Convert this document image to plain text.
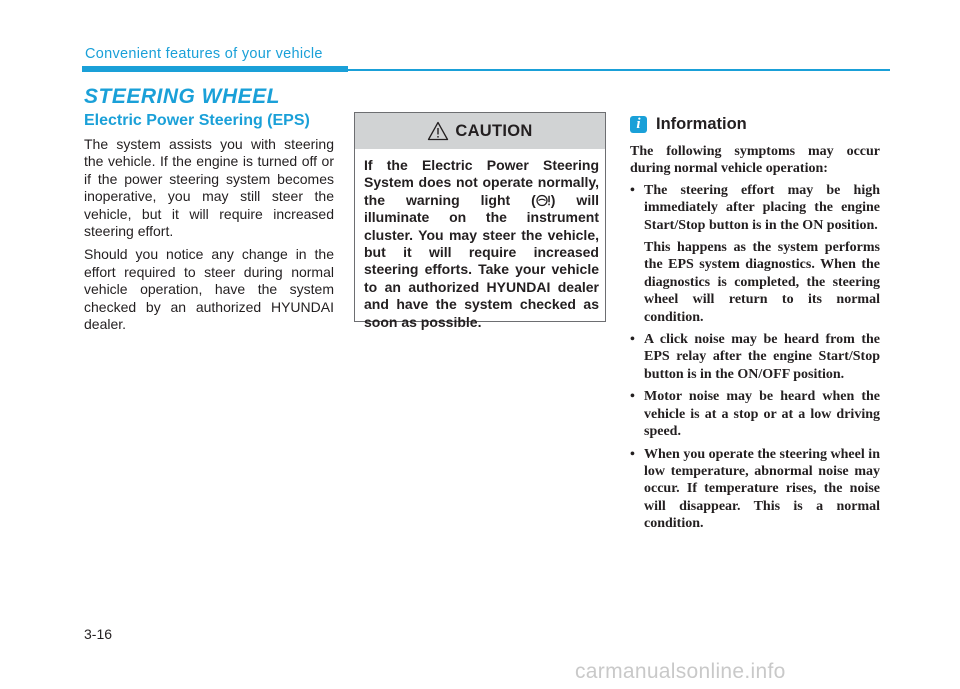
Convenient features of your vehicle
STEERING WHEEL
Electric Power Steering (EPS)

The system assists you with steering the vehicle. If the engine is turned off or if the power steering system becomes inoperative, you may still steer the vehicle, but it will require increased steering effort.

Should you notice any change in the effort required to steer during normal vehicle operation, have the system checked by an authorized HYUNDAI dealer.

CAUTION
If the Electric Power Steering System does not operate normally, the warning light ( ) will illuminate on the instrument cluster. You may steer the vehicle, but it will require increased steering efforts. Take your vehicle to an authorized HYUNDAI dealer and have the system checked as soon as possible.
i Information

The following symptoms may occur during normal vehicle operation:

• The steering effort may be high immediately after placing the engine Start/Stop button is in the ON position.
This happens as the system performs the EPS system diagnostics. When the diagnostics is completed, the steering wheel will return to its normal condition.
• A click noise may be heard from the EPS relay after the engine Start/Stop button is in the ON/OFF position.
• Motor noise may be heard when the vehicle is at a stop or at a low driving speed.
• When you operate the steering wheel in low temperature, abnormal noise may occur. If temperature rises, the noise will disappear. This is a normal condition.
3-16
carmanualsonline.info
